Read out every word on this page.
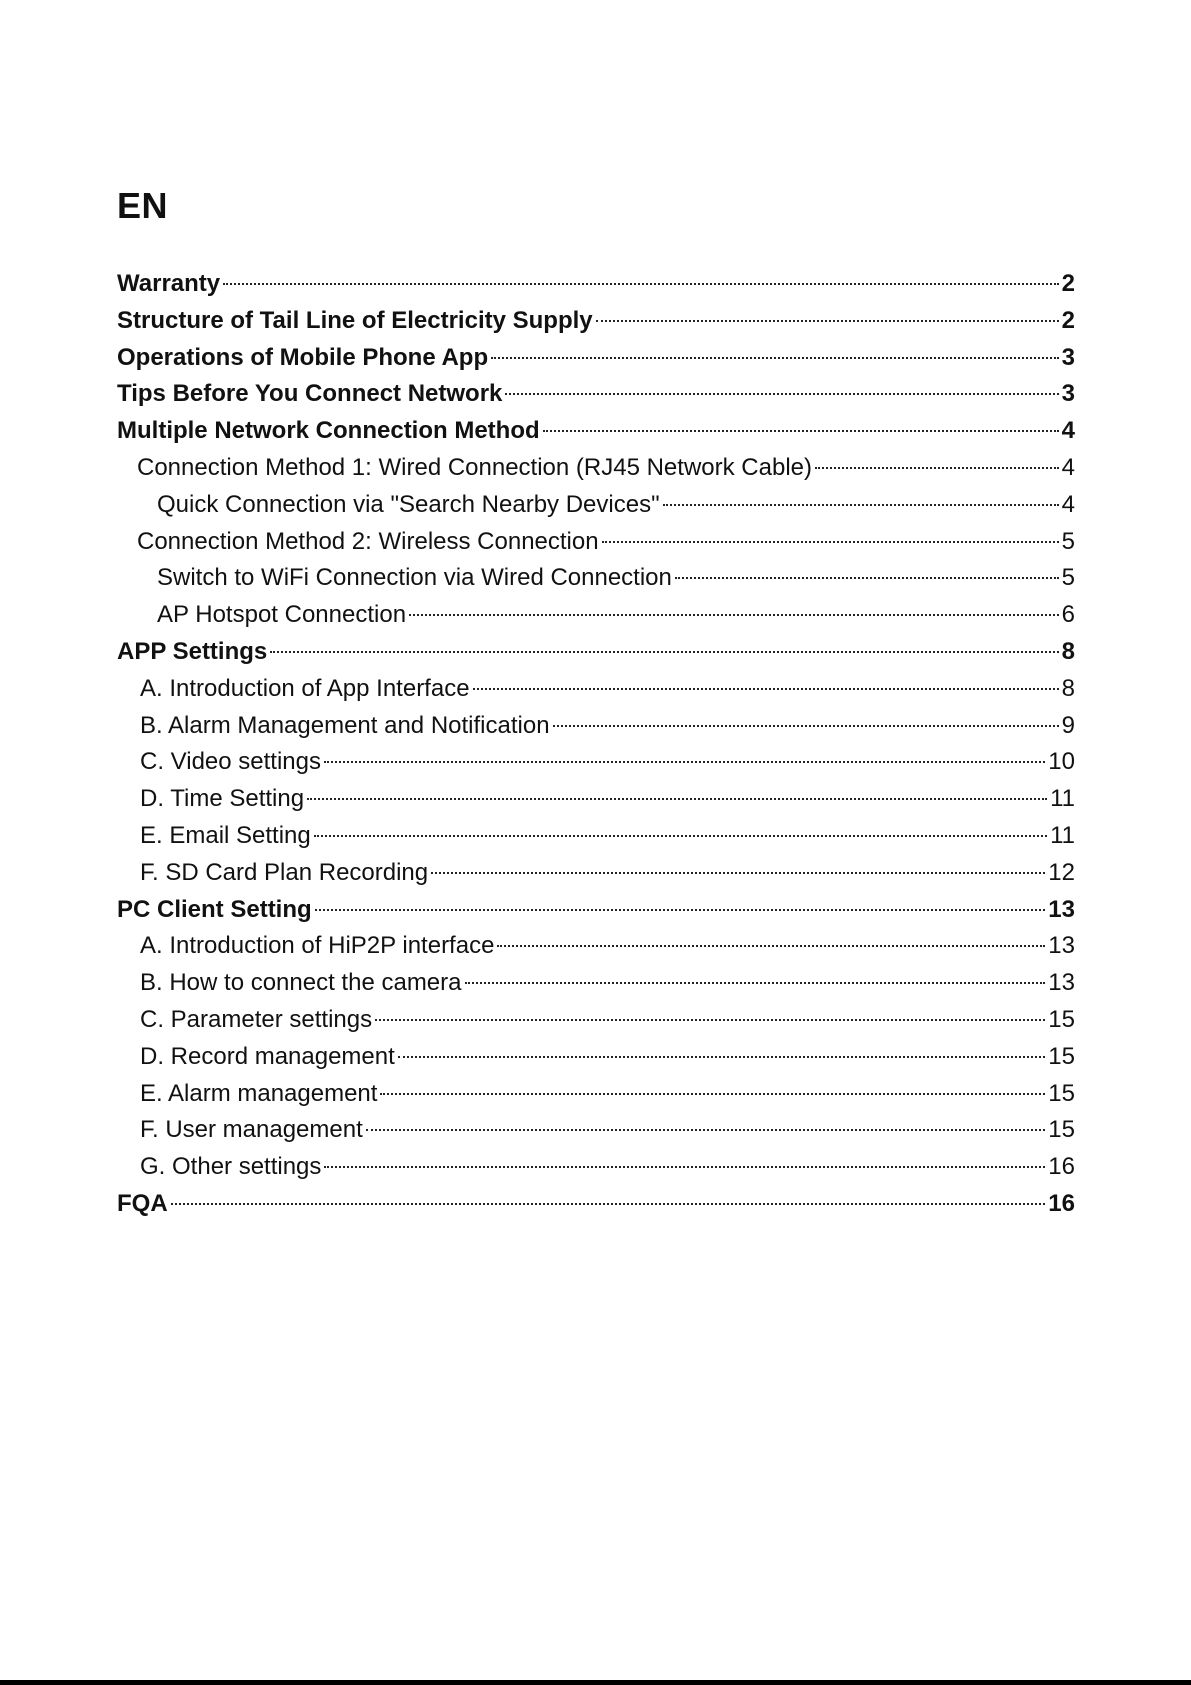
EN
Warranty	2
Structure of Tail Line of Electricity Supply	2
Operations of Mobile Phone App	3
Tips Before You Connect Network	3
Multiple Network Connection Method	4
Connection Method 1: Wired Connection (RJ45 Network Cable)	4
Quick Connection via "Search Nearby Devices"	4
Connection Method 2: Wireless Connection	5
Switch to WiFi Connection via Wired Connection	5
AP Hotspot Connection	6
APP Settings	8
A. Introduction of App Interface	8
B. Alarm Management and Notification	9
C. Video settings	10
D. Time Setting	11
E. Email Setting	11
F. SD Card Plan Recording	12
PC Client Setting	13
A. Introduction of HiP2P interface	13
B. How to connect the camera	13
C. Parameter settings	15
D. Record management	15
E. Alarm management	15
F. User management	15
G. Other settings	16
FQA	16
